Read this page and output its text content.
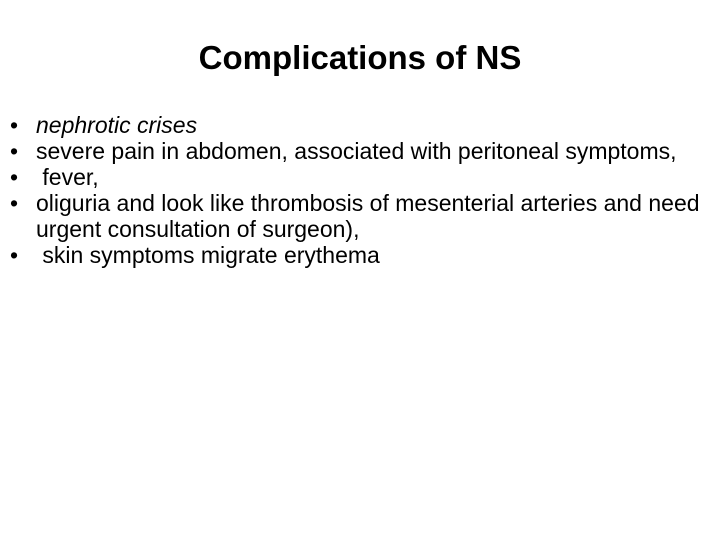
Complications of NS
• nephrotic crises
• severe pain in abdomen, associated with peritoneal symptoms,
• fever,
• oliguria and look like thrombosis of mesenterial arteries and need urgent consultation of surgeon),
• skin symptoms migrate erythema
